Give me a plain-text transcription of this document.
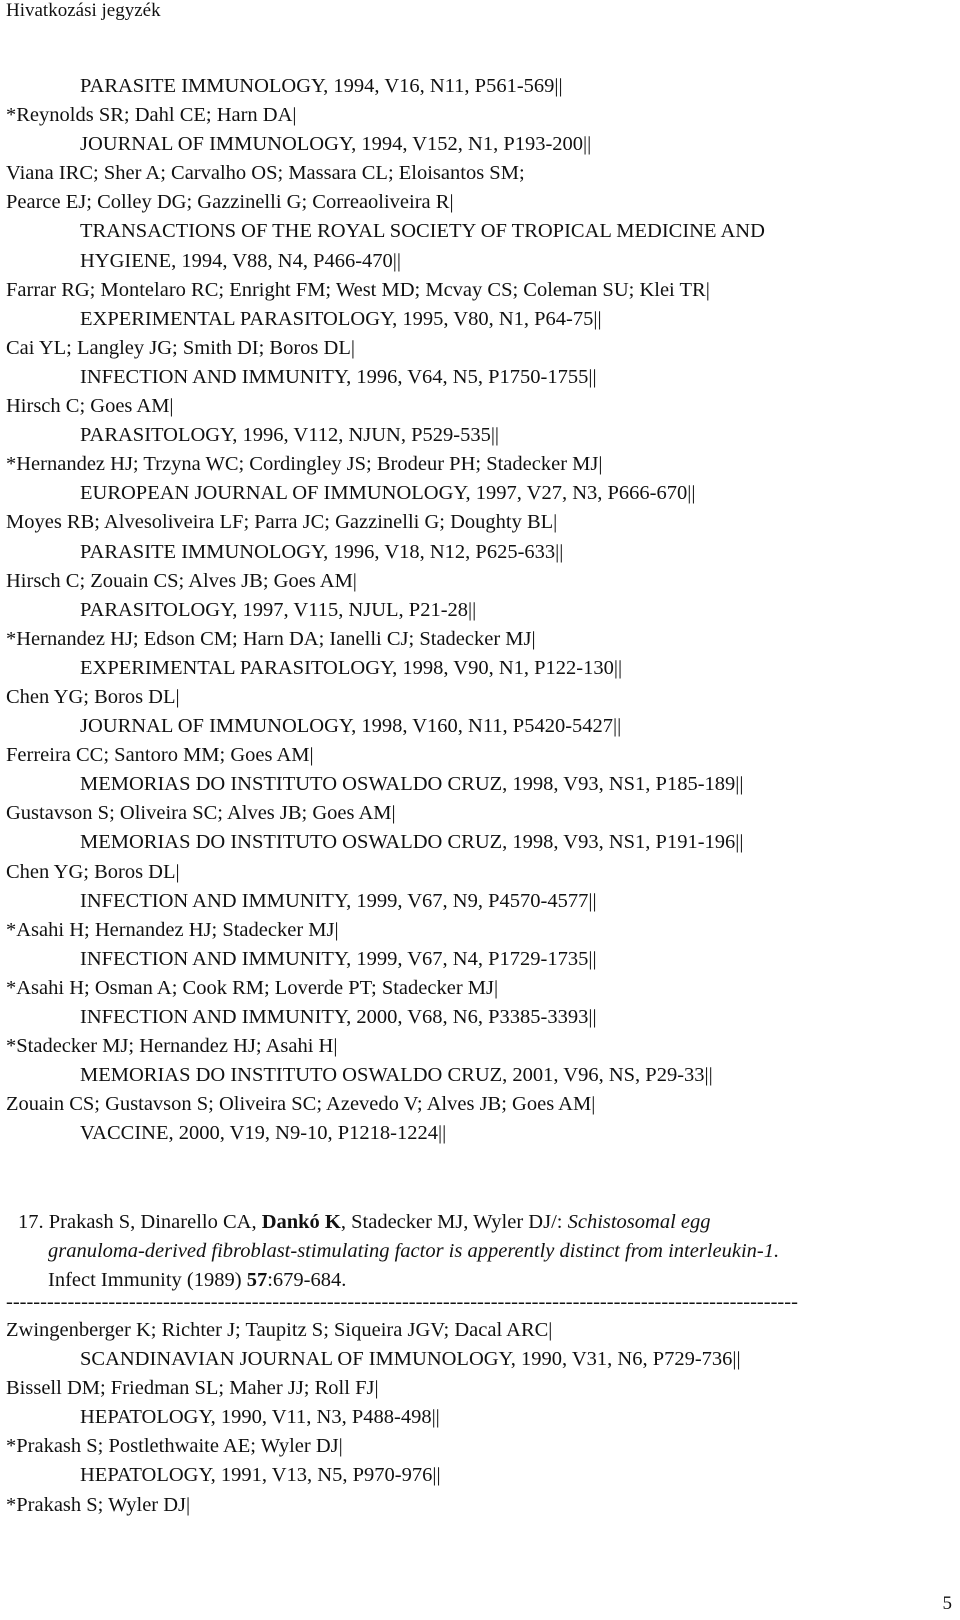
Hivatkozási jegyzék
PARASITE IMMUNOLOGY, 1994, V16, N11, P561-569||
*Reynolds SR; Dahl CE; Harn DA|
JOURNAL OF IMMUNOLOGY, 1994, V152, N1, P193-200||
Viana IRC; Sher A; Carvalho OS; Massara CL; Eloisantos SM;
Pearce EJ; Colley DG; Gazzinelli G; Correaoliveira R|
TRANSACTIONS OF THE ROYAL SOCIETY OF TROPICAL MEDICINE AND
HYGIENE, 1994, V88, N4, P466-470||
Farrar RG; Montelaro RC; Enright FM; West MD; Mcvay CS; Coleman SU; Klei TR|
EXPERIMENTAL PARASITOLOGY, 1995, V80, N1, P64-75||
Cai YL; Langley JG; Smith DI; Boros DL|
INFECTION AND IMMUNITY, 1996, V64, N5, P1750-1755||
Hirsch C; Goes AM|
PARASITOLOGY, 1996, V112, NJUN, P529-535||
*Hernandez HJ; Trzyna WC; Cordingley JS; Brodeur PH; Stadecker MJ|
EUROPEAN JOURNAL OF IMMUNOLOGY, 1997, V27, N3, P666-670||
Moyes RB; Alvesoliveira LF; Parra JC; Gazzinelli G; Doughty BL|
PARASITE IMMUNOLOGY, 1996, V18, N12, P625-633||
Hirsch C; Zouain CS; Alves JB; Goes AM|
PARASITOLOGY, 1997, V115, NJUL, P21-28||
*Hernandez HJ; Edson CM; Harn DA; Ianelli CJ; Stadecker MJ|
EXPERIMENTAL PARASITOLOGY, 1998, V90, N1, P122-130||
Chen YG; Boros DL|
JOURNAL OF IMMUNOLOGY, 1998, V160, N11, P5420-5427||
Ferreira CC; Santoro MM; Goes AM|
MEMORIAS DO INSTITUTO OSWALDO CRUZ, 1998, V93, NS1, P185-189||
Gustavson S; Oliveira SC; Alves JB; Goes AM|
MEMORIAS DO INSTITUTO OSWALDO CRUZ, 1998, V93, NS1, P191-196||
Chen YG; Boros DL|
INFECTION AND IMMUNITY, 1999, V67, N9, P4570-4577||
*Asahi H; Hernandez HJ; Stadecker MJ|
INFECTION AND IMMUNITY, 1999, V67, N4, P1729-1735||
*Asahi H; Osman A; Cook RM; Loverde PT; Stadecker MJ|
INFECTION AND IMMUNITY, 2000, V68, N6, P3385-3393||
*Stadecker MJ; Hernandez HJ; Asahi H|
MEMORIAS DO INSTITUTO OSWALDO CRUZ, 2001, V96, NS, P29-33||
Zouain CS; Gustavson S; Oliveira SC; Azevedo V; Alves JB; Goes AM|
VACCINE, 2000, V19, N9-10, P1218-1224||
17. Prakash S, Dinarello CA, Dankó K, Stadecker MJ, Wyler DJ/: Schistosomal egg
granuloma-derived fibroblast-stimulating factor is apperently distinct from interleukin-1.
Infect Immunity (1989) 57:679-684.
--------------------------------------------------------------------------------------------------------------------
Zwingenberger K; Richter J; Taupitz S; Siqueira JGV; Dacal ARC|
SCANDINAVIAN JOURNAL OF IMMUNOLOGY, 1990, V31, N6, P729-736||
Bissell DM; Friedman SL; Maher JJ; Roll FJ|
HEPATOLOGY, 1990, V11, N3, P488-498||
*Prakash S; Postlethwaite AE; Wyler DJ|
HEPATOLOGY, 1991, V13, N5, P970-976||
*Prakash S; Wyler DJ|
5
